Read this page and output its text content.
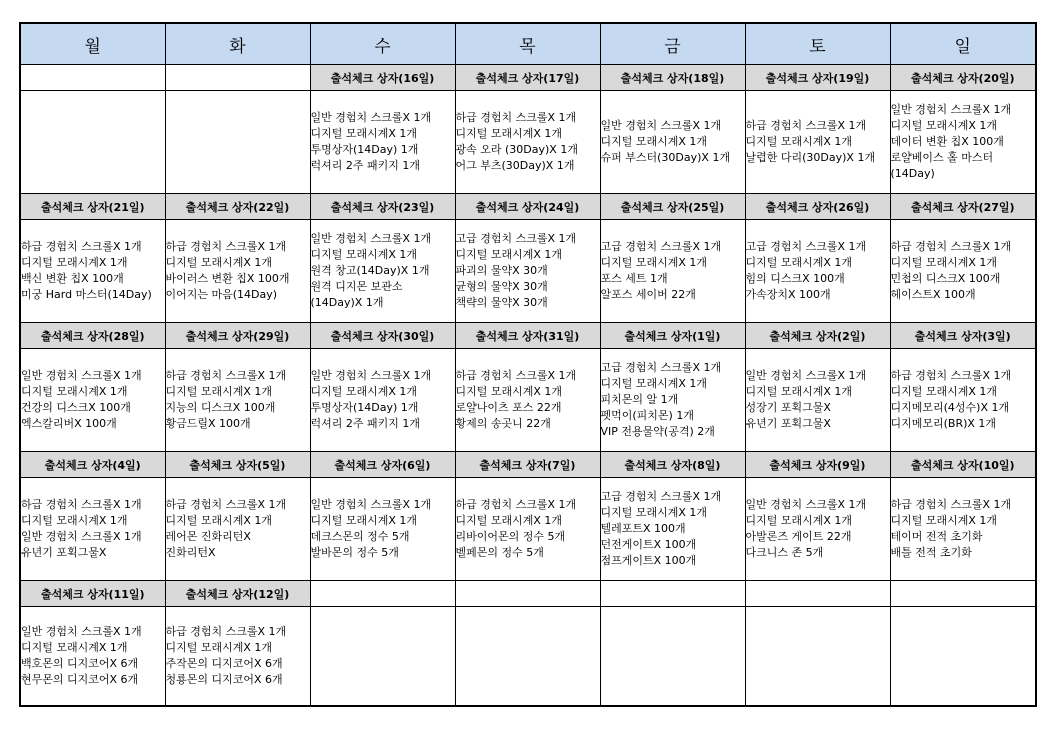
월	화	수	목	금	토	일
		출석체크 상자(16일)	출석체크 상자(17일)	출석체크 상자(18일)	출석체크 상자(19일)	출석체크 상자(20일)

		일반 경험치 스크롤X 1개
디지털 모래시계X 1개
투명상자(14Day) 1개
럭셔리 2주 패키지 1개	하급 경험치 스크롤X 1개
디지털 모래시계X 1개
광속 오라 (30Day)X 1개
어그 부츠(30Day)X 1개	일반 경험치 스크롤X 1개
디지털 모래시계X 1개
슈퍼 부스터(30Day)X 1개	하급 경험치 스크롤X 1개
디지털 모래시계X 1개
날렵한 다리(30Day)X 1개	일반 경험치 스크롤X 1개
디지털 모래시계X 1개
데이터 변환 칩X 100개
로얄베이스 홀 마스터
(14Day)

출석체크 상자(21일)	출석체크 상자(22일)	출석체크 상자(23일)	출석체크 상자(24일)	출석체크 상자(25일)	출석체크 상자(26일)	출석체크 상자(27일)

하급 경험치 스크롤X 1개
디지털 모래시계X 1개
백신 변환 칩X 100개
미궁 Hard 마스터(14Day)	하급 경험치 스크롤X 1개
디지털 모래시계X 1개
바이러스 변환 칩X 100개
이어지는 마음(14Day)	일반 경험치 스크롤X 1개
디지털 모래시계X 1개
원격 창고(14Day)X 1개
원격 디지몬 보관소
(14Day)X 1개	고급 경험치 스크롤X 1개
디지털 모래시계X 1개
파괴의 물약X 30개
균형의 물약X 30개
책략의 물약X 30개	고급 경험치 스크롤X 1개
디지털 모래시계X 1개
포스 세트 1개
알포스 세이버 22개	고급 경험치 스크롤X 1개
디지털 모래시계X 1개
힘의 디스크X 100개
가속장치X 100개	하급 경험치 스크롤X 1개
디지털 모래시계X 1개
민첩의 디스크X 100개
헤이스트X 100개

출석체크 상자(28일)	출석체크 상자(29일)	출석체크 상자(30일)	출석체크 상자(31일)	출석체크 상자(1일)	출석체크 상자(2일)	출석체크 상자(3일)

일반 경험치 스크롤X 1개
디지털 모래시계X 1개
건강의 디스크X 100개
엑스칼리버X 100개	하급 경험치 스크롤X 1개
디지털 모래시계X 1개
지능의 디스크X 100개
황금드릴X 100개	일반 경험치 스크롤X 1개
디지털 모래시계X 1개
투명상자(14Day) 1개
럭셔리 2주 패키지 1개	하급 경험치 스크롤X 1개
디지털 모래시계X 1개
로얄나이츠 포스 22개
황제의 송곳니 22개	고급 경험치 스크롤X 1개
디지털 모래시계X 1개
피치몬의 알 1개
펫먹이(피치몬) 1개
VIP 전용물약(공격) 2개	일반 경험치 스크롤X 1개
디지털 모래시계X 1개
성장기 포획그물X
유년기 포획그물X	하급 경험치 스크롤X 1개
디지털 모래시계X 1개
디지메모리(4성수)X 1개
디지메모리(BR)X 1개

출석체크 상자(4일)	출석체크 상자(5일)	출석체크 상자(6일)	출석체크 상자(7일)	출석체크 상자(8일)	출석체크 상자(9일)	출석체크 상자(10일)

하급 경험치 스크롤X 1개
디지털 모래시계X 1개
일반 경험치 스크롤X 1개
유년기 포획그물X	하급 경험치 스크롤X 1개
디지털 모래시계X 1개
레어몬 진화리턴X
진화리턴X	일반 경험치 스크롤X 1개
디지털 모래시계X 1개
데크스몬의 정수 5개
발바몬의 정수 5개	하급 경험치 스크롤X 1개
디지털 모래시계X 1개
리바이어몬의 정수 5개
벨페몬의 정수 5개	고급 경험치 스크롤X 1개
디지털 모래시계X 1개
텔레포트X 100개
던전게이트X 100개
점프게이트X 100개	일반 경험치 스크롤X 1개
디지털 모래시계X 1개
아발론즈 게이트 22개
다크니스 존 5개	하급 경험치 스크롤X 1개
디지털 모래시계X 1개
테이머 전적 초기화
배틀 전적 초기화

출석체크 상자(11일)	출석체크 상자(12일)					

일반 경험치 스크롤X 1개
디지털 모래시계X 1개
백호몬의 디지코어X 6개
현무몬의 디지코어X 6개	하급 경험치 스크롤X 1개
디지털 모래시계X 1개
주작몬의 디지코어X 6개
청룡몬의 디지코어X 6개					
